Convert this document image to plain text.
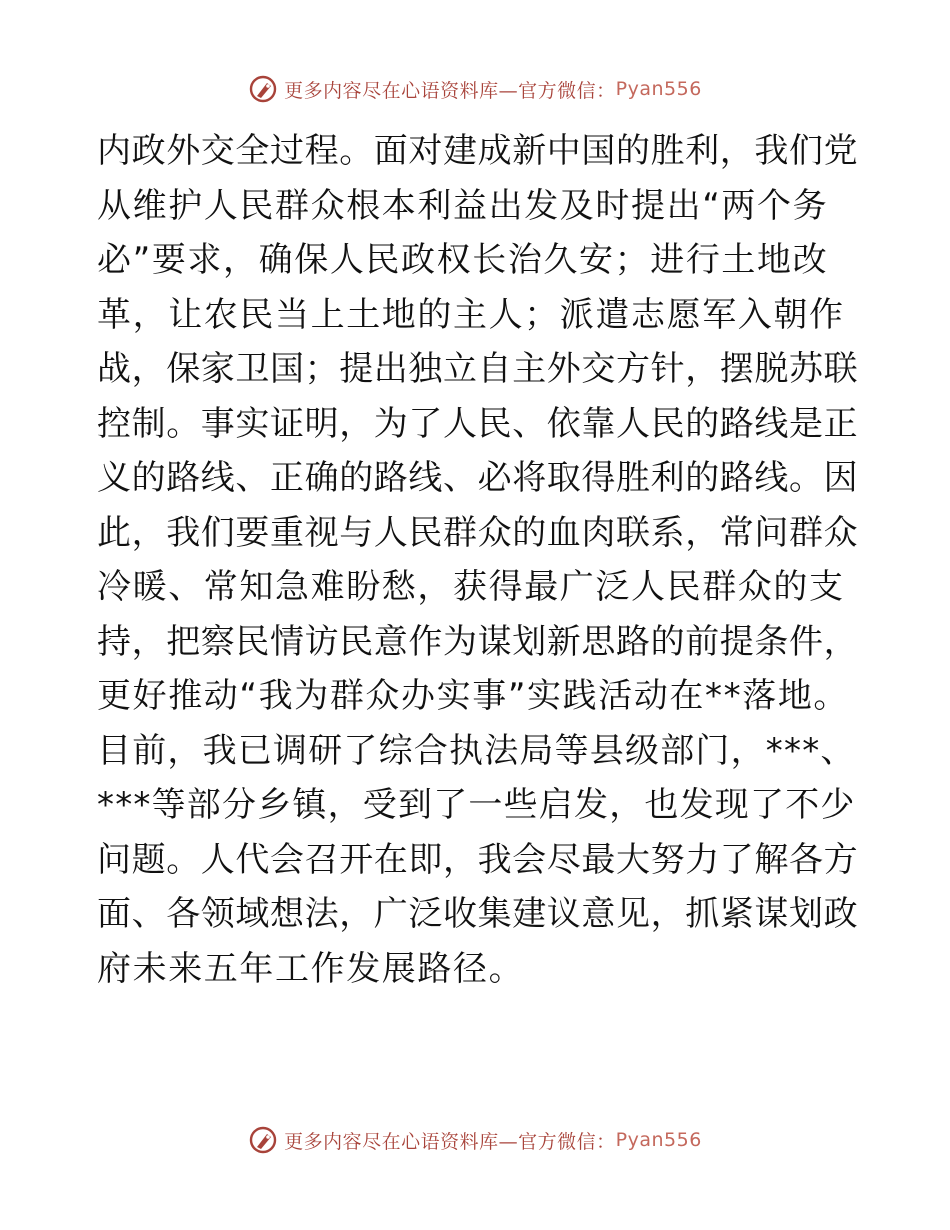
更多内容尽在心语资料库—官方微信： Pyan556
内政外交全过程。面对建成新中国的胜利，我们党
从维护人民群众根本利益出发及时提出“两个务
必”要求，确保人民政权长治久安；进行土地改
革，让农民当上土地的主人；派遣志愿军入朝作
战，保家卫国；提出独立自主外交方针，摆脱苏联
控制。事实证明，为了人民、依靠人民的路线是正
义的路线、正确的路线、必将取得胜利的路线。因
此，我们要重视与人民群众的血肉联系，常问群众
冷暖、常知急难盼愁，获得最广泛人民群众的支
持，把察民情访民意作为谋划新思路的前提条件，
更好推动“我为群众办实事”实践活动在**落地。
目前，我已调研了综合执法局等县级部门，***、
***等部分乡镇，受到了一些启发，也发现了不少
问题。人代会召开在即，我会尽最大努力了解各方
面、各领域想法，广泛收集建议意见，抓紧谋划政
府未来五年工作发展路径。
更多内容尽在心语资料库—官方微信： Pyan556
